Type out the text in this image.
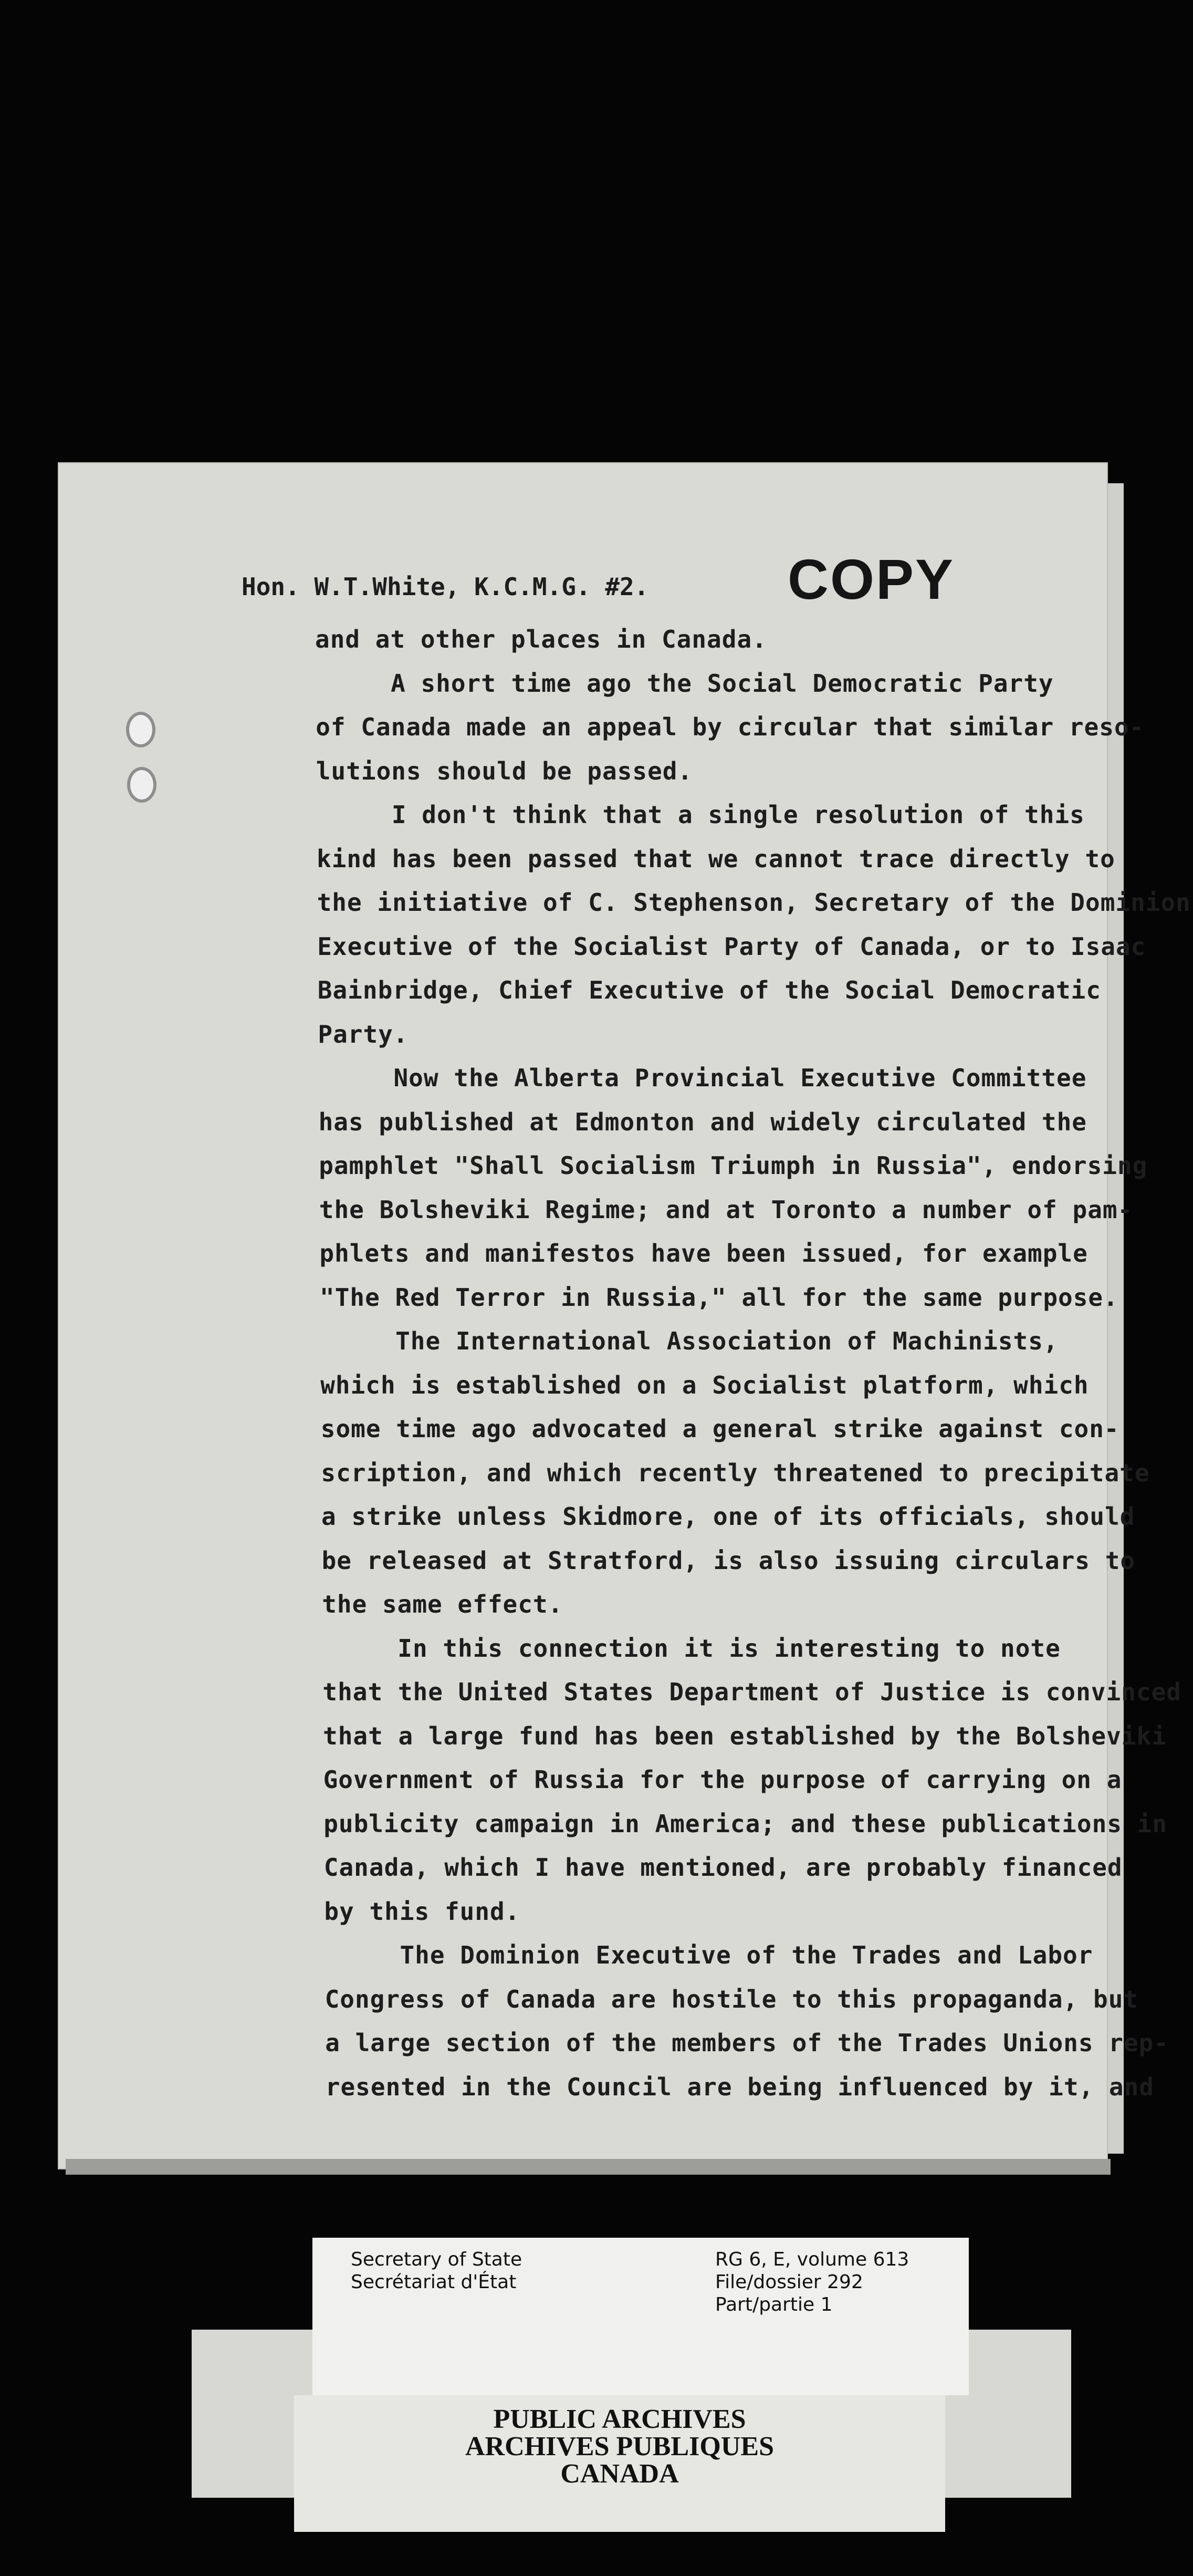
Hon. W.T.White, K.C.M.G. #2. COPY
and at other places in Canada.
A short time ago the Social Democratic Party
of Canada made an appeal by circular that similar reso-
lutions should be passed.
I don't think that a single resolution of this
kind has been passed that we cannot trace directly to
the initiative of C. Stephenson, Secretary of the Dominion
Executive of the Socialist Party of Canada, or to Isaac
Bainbridge, Chief Executive of the Social Democratic
Party.
Now the Alberta Provincial Executive Committee
has published at Edmonton and widely circulated the
pamphlet "Shall Socialism Triumph in Russia", endorsing
the Bolsheviki Regime; and at Toronto a number of pam-
phlets and manifestos have been issued, for example
"The Red Terror in Russia," all for the same purpose.
The International Association of Machinists,
which is established on a Socialist platform, which
some time ago advocated a general strike against con-
scription, and which recently threatened to precipitate
a strike unless Skidmore, one of its officials, should
be released at Stratford, is also issuing circulars to
the same effect.
In this connection it is interesting to note
that the United States Department of Justice is convinced
that a large fund has been established by the Bolsheviki
Government of Russia for the purpose of carrying on a
publicity campaign in America; and these publications in
Canada, which I have mentioned, are probably financed
by this fund.
The Dominion Executive of the Trades and Labor
Congress of Canada are hostile to this propaganda, but
a large section of the members of the Trades Unions rep-
resented in the Council are being influenced by it, and
Secretary of State
Secrétariat d'État
RG 6, E, volume 613
File/dossier 292
Part/partie 1
PUBLIC ARCHIVES
ARCHIVES PUBLIQUES
CANADA
